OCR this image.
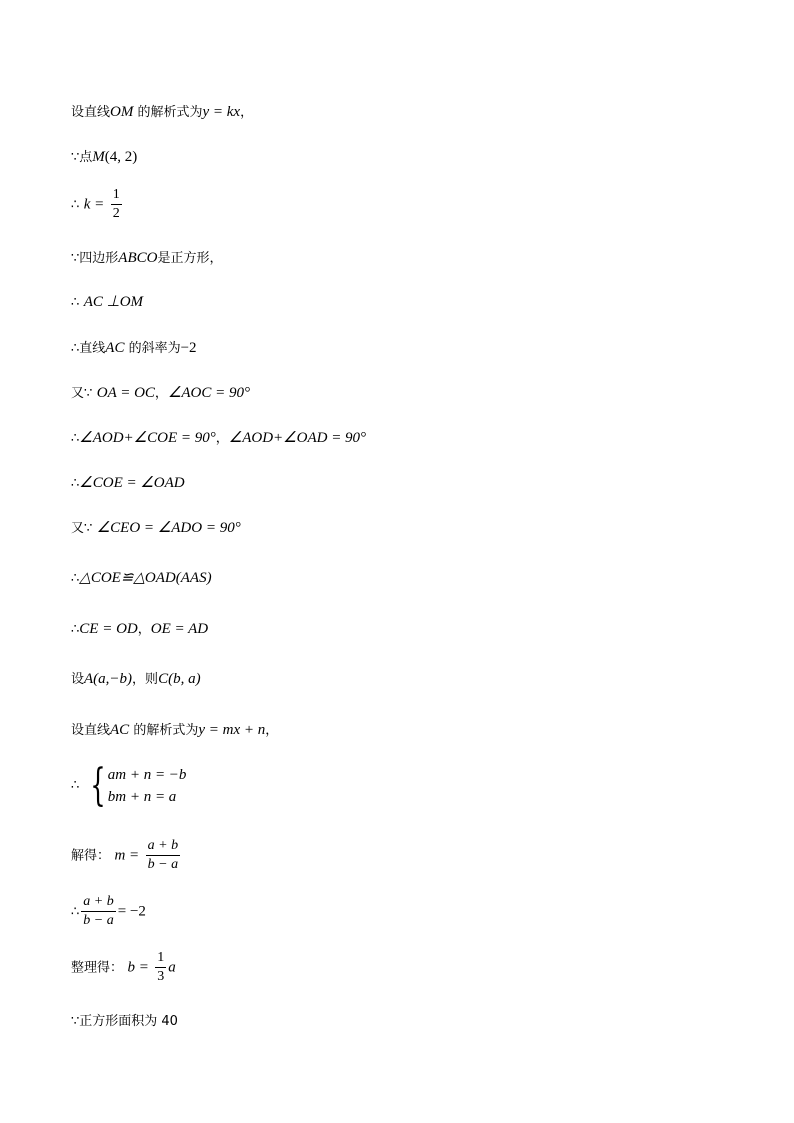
设直线OM 的解析式为y = kx，
∵点M(4, 2)
∴ $k = \frac{1}{2}$
∵四边形ABCO是正方形，
∴ AC ⊥OM
∴直线AC 的斜率为−2
又∵ OA = OC，∠AOC = 90°
∴∠AOD+∠COE = 90°，∠AOD+∠OAD = 90°
∴∠COE = ∠OAD
又∵ ∠CEO = ∠ADO = 90°
∴△COE≌△OAD(AAS)
∴CE = OD，OE = AD
设A(a,−b)，则C(b, a)
设直线AC 的解析式为y = mx + n，
∴ { am + n = −b
bm + n = a
解得： $m = \frac{a + b}{b - a}$
∴ $\frac{a + b}{b - a} = -2$
整理得： $b = \frac{1}{3}$ a
∵正方形面积为 40
